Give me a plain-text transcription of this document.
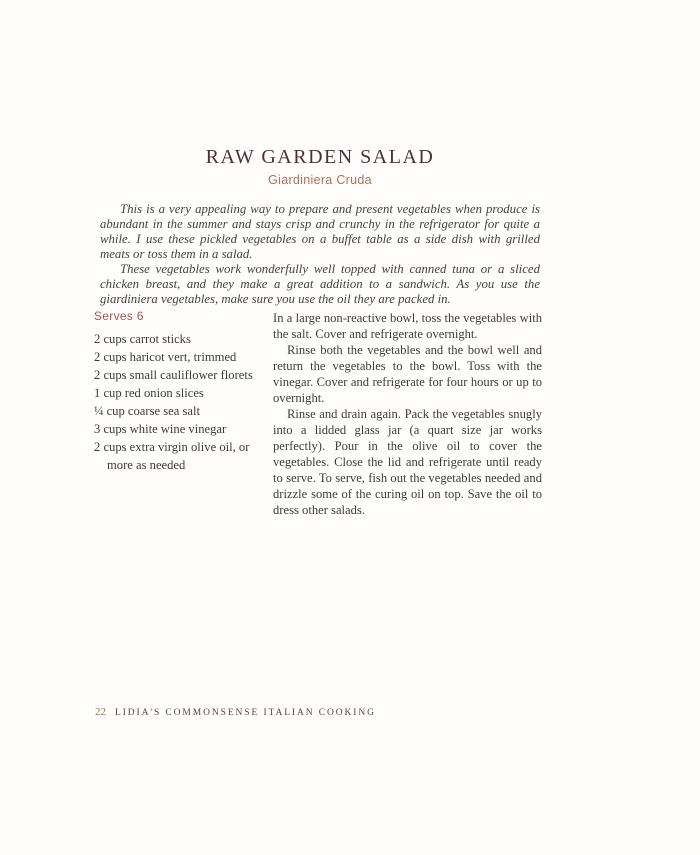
RAW GARDEN SALAD
Giardiniera Cruda

This is a very appealing way to prepare and present vegetables when produce is abundant in the summer and stays crisp and crunchy in the refrigerator for quite a while. I use these pickled vegetables on a buffet table as a side dish with grilled meats or toss them in a salad.

These vegetables work wonderfully well topped with canned tuna or a sliced chicken breast, and they make a great addition to a sandwich. As you use the giardiniera vegetables, make sure you use the oil they are packed in.

Serves 6
2 cups carrot sticks
2 cups haricot vert, trimmed
2 cups small cauliflower florets
1 cup red onion slices
¼ cup coarse sea salt
3 cups white wine vinegar
2 cups extra virgin olive oil, or more as needed

In a large non-reactive bowl, toss the vegetables with the salt. Cover and refrigerate overnight.

Rinse both the vegetables and the bowl well and return the vegetables to the bowl. Toss with the vinegar. Cover and refrigerate for four hours or up to overnight.

Rinse and drain again. Pack the vegetables snugly into a lidded glass jar (a quart size jar works perfectly). Pour in the olive oil to cover the vegetables. Close the lid and refrigerate until ready to serve. To serve, fish out the vegetables needed and drizzle some of the curing oil on top. Save the oil to dress other salads.

22 LIDIA'S COMMONSENSE ITALIAN COOKING
